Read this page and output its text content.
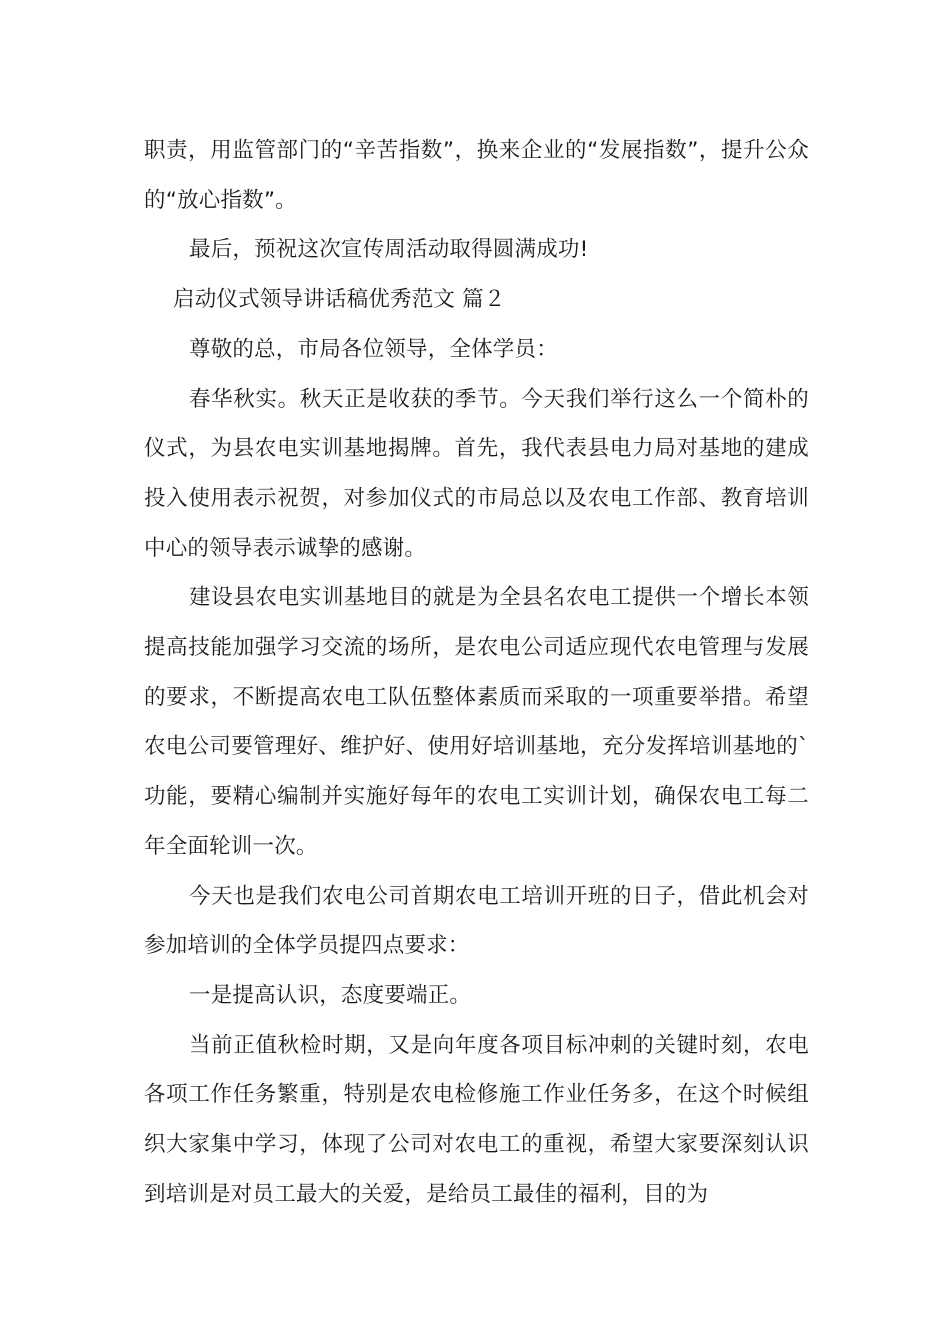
职责，用监管部门的“辛苦指数”，换来企业的“发展指数”，提升公众的“放心指数”。

最后，预祝这次宣传周活动取得圆满成功!

启动仪式领导讲话稿优秀范文 篇２

尊敬的总，市局各位领导，全体学员：

春华秋实。秋天正是收获的季节。今天我们举行这么一个简朴的仪式，为县农电实训基地揭牌。首先，我代表县电力局对基地的建成投入使用表示祝贺，对参加仪式的市局总以及农电工作部、教育培训中心的领导表示诚挚的感谢。

建设县农电实训基地目的就是为全县名农电工提供一个增长本领提高技能加强学习交流的场所，是农电公司适应现代农电管理与发展的要求，不断提高农电工队伍整体素质而采取的一项重要举措。希望农电公司要管理好、维护好、使用好培训基地，充分发挥培训基地的`功能，要精心编制并实施好每年的农电工实训计划，确保农电工每二年全面轮训一次。

今天也是我们农电公司首期农电工培训开班的日子，借此机会对参加培训的全体学员提四点要求：

一是提高认识，态度要端正。

当前正值秋检时期，又是向年度各项目标冲刺的关键时刻，农电各项工作任务繁重，特别是农电检修施工作业任务多，在这个时候组织大家集中学习，体现了公司对农电工的重视，希望大家要深刻认识到培训是对员工最大的关爱，是给员工最佳的福利，目的为
